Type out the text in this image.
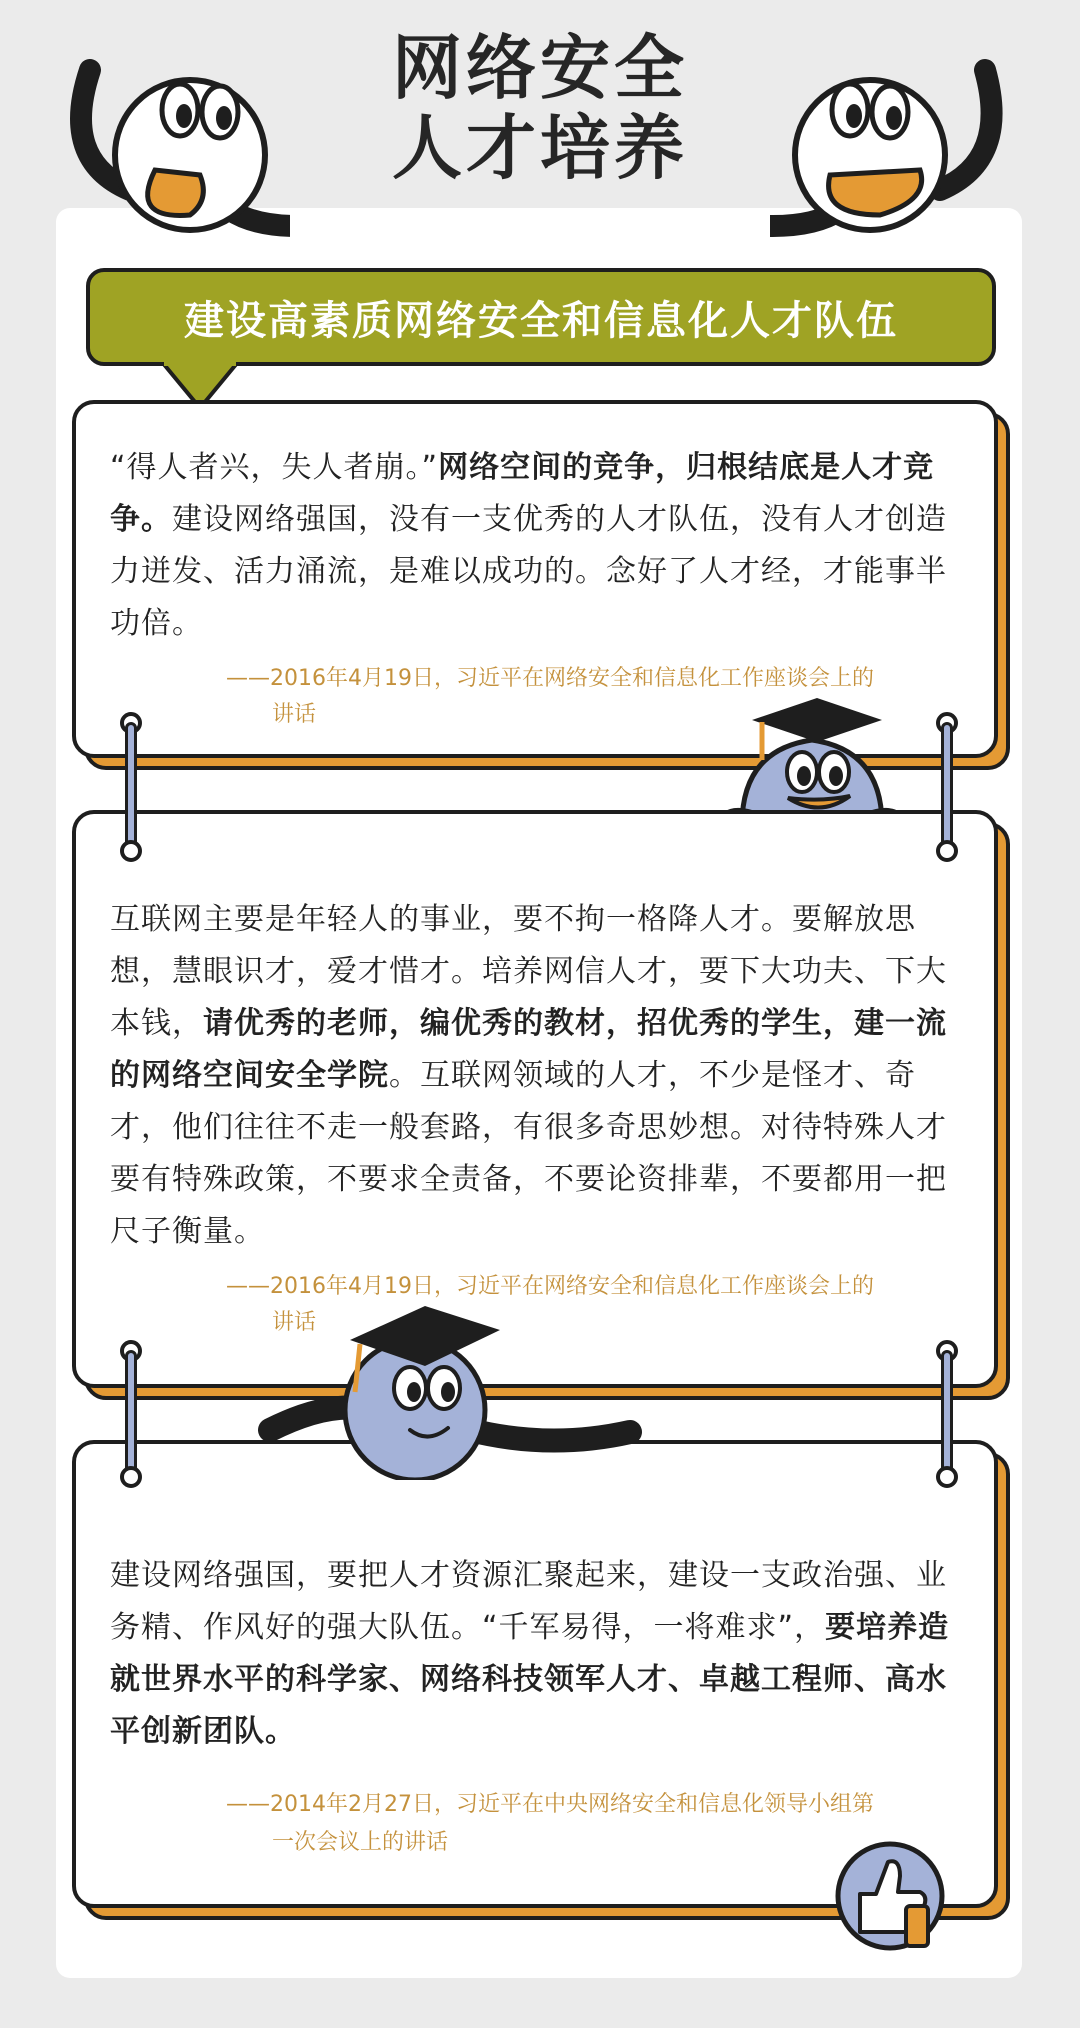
网络安全
人才培养
建设高素质网络安全和信息化人才队伍
“得人者兴，失人者崩。”网络空间的竞争，归根结底是人才竞争。建设网络强国，没有一支优秀的人才队伍，没有人才创造力迸发、活力涌流，是难以成功的。念好了人才经，才能事半功倍。
——2016年4月19日，习近平在网络安全和信息化工作座谈会上的
讲话
互联网主要是年轻人的事业，要不拘一格降人才。要解放思想，慧眼识才，爱才惜才。培养网信人才，要下大功夫、下大本钱，请优秀的老师，编优秀的教材，招优秀的学生，建一流的网络空间安全学院。互联网领域的人才，不少是怪才、奇才，他们往往不走一般套路，有很多奇思妙想。对待特殊人才要有特殊政策，不要求全责备，不要论资排辈，不要都用一把尺子衡量。
——2016年4月19日，习近平在网络安全和信息化工作座谈会上的
讲话
建设网络强国，要把人才资源汇聚起来，建设一支政治强、业务精、作风好的强大队伍。“千军易得，一将难求”，要培养造就世界水平的科学家、网络科技领军人才、卓越工程师、高水平创新团队。
——2014年2月27日，习近平在中央网络安全和信息化领导小组第
一次会议上的讲话
